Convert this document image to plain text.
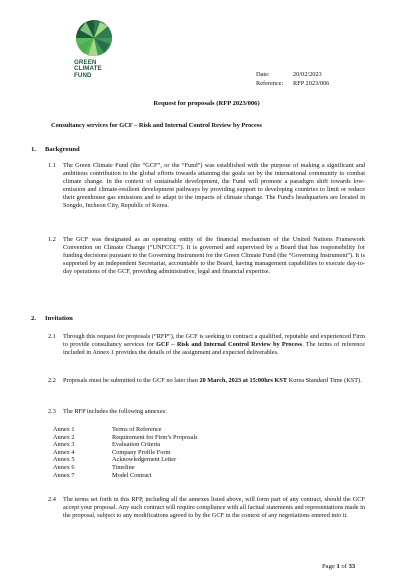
GREEN
CLIMATE
FUND	Date:	20/02/2023
Reference:	RFP 2023/006
Request for proposals (RFP 2023/006)
Consultancy services for GCF – Risk and Internal Control Review by Process
1. Background
1.1 The Green Climate Fund (the “GCF”, or the “Fund”) was established with the purpose of making a significant and ambitious contribution to the global efforts towards attaining the goals set by the international community to combat climate change. In the context of sustainable development, the Fund will promote a paradigm shift towards low-emission and climate-resilient development pathways by providing support to developing countries to limit or reduce their greenhouse gas emissions and to adapt to the impacts of climate change. The Fund's headquarters are located in Songdo, Incheon City, Republic of Korea.

1.2 The GCF was designated as an operating entity of the financial mechanism of the United Nations Framework Convention on Climate Change (“UNFCCC”). It is governed and supervised by a Board that has responsibility for funding decisions pursuant to the Governing Instrument for the Green Climate Fund (the “Governing Instrument”). It is supported by an independent Secretariat, accountable to the Board, having management capabilities to execute day-to-day operations of the GCF, providing administrative, legal and financial expertise.

2. Invitation
2.1 Through this request for proposals (“RFP”), the GCF is seeking to contract a qualified, reputable and experienced Firm to provide consultancy services for GCF – Risk and Internal Control Review by Process. The terms of reference included in Annex 1 provides the details of the assignment and expected deliverables.

2.2 Proposals must be submitted to the GCF no later than 20 March, 2023 at 15:00hrs KST Korea Standard Time (KST).

2.3 The RFP includes the following annexes:

Annex 1	Terms of Reference
Annex 2	Requirement for Firm’s Proposals
Annex 3	Evaluation Criteria
Annex 4	Company Profile Form
Annex 5	Acknowledgement Letter
Annex 6	Timeline
Annex 7	Model Contract
2.4 The terms set forth in this RFP, including all the annexes listed above, will form part of any contract, should the GCF accept your proposal. Any such contract will require compliance with all factual statements and representations made in the proposal, subject to any modifications agreed to by the GCF in the context of any negotiations entered into it.

Page 1 of 33
